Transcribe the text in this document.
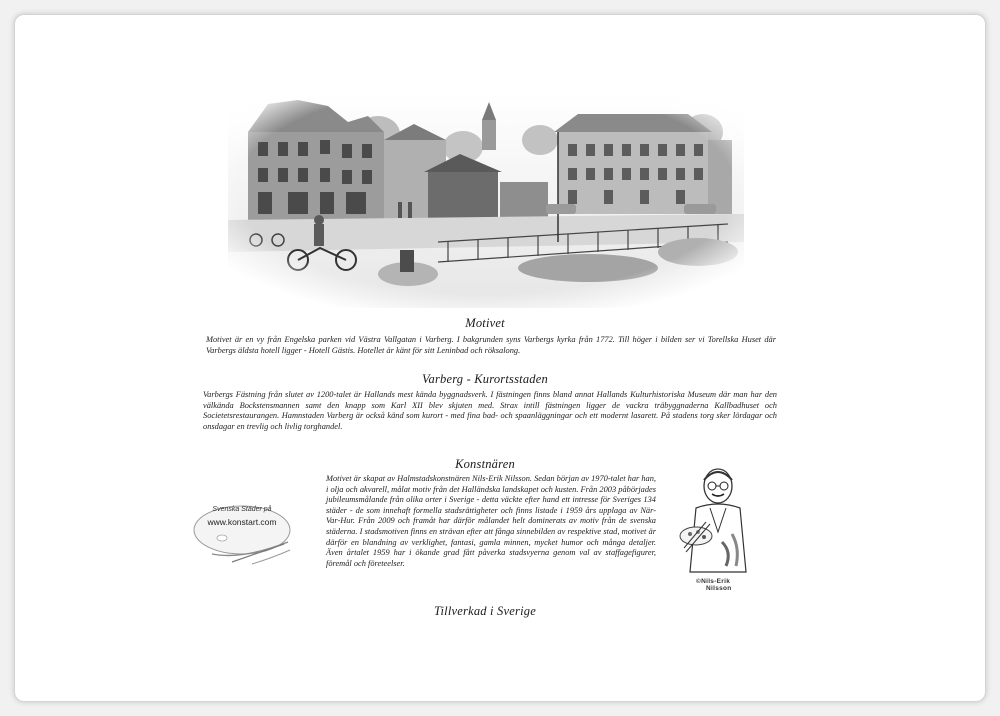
Motivet

Motivet är en vy från Engelska parken vid Västra Vallgatan i Varberg. I bakgrunden syns Varbergs kyrka från 1772. Till höger i bilden ser vi Torellska Huset där Varbergs äldsta hotell ligger - Hotell Gästis. Hotellet är känt för sitt Leninbad och röksalong.

Varberg - Kurortsstaden

Varbergs Fästning från slutet av 1200-talet är Hallands mest kända byggnadsverk. I fästningen finns bland annat Hallands Kulturhistoriska Museum där man har den välkända Bockstensmannen samt den knapp som Karl XII blev skjuten med. Strax intill fästningen ligger de vackra träbyggnaderna Kallbadhuset och Societetsrestaurangen. Hamnstaden Varberg är också känd som kurort - med fina bad- och spaanläggningar och ett modernt lasarett. På stadens torg sker lördagar och onsdagar en trevlig och livlig torghandel.

Konstnären

Motivet är skapat av Halmstadskonstnären Nils-Erik Nilsson. Sedan början av 1970-talet har han, i olja och akvarell, målat motiv från det Halländska landskapet och kusten. Från 2003 påbörjades jubileumsmålande från olika orter i Sverige - detta väckte efter hand ett intresse för Sveriges 134 städer - de som innehaft formella stadsrättigheter och finns listade i 1959 års upplaga av När-Var-Hur. Från 2009 och framåt har därför målandet helt dominerats av motiv från de svenska städerna. I stadsmotiven finns en strävan efter att fånga sinnebilden av respektive stad, motivet är därför en blandning av verklighet, fantasi, gamla minnen, mycket humor och många detaljer. Även årtalet 1959 har i ökande grad fått påverka stadsvyerna genom val av staffagefigurer, föremål och företeelser.

Svenska Städer på
www.konstart.com
©Nils-Erik
Nilsson
Tillverkad i Sverige
